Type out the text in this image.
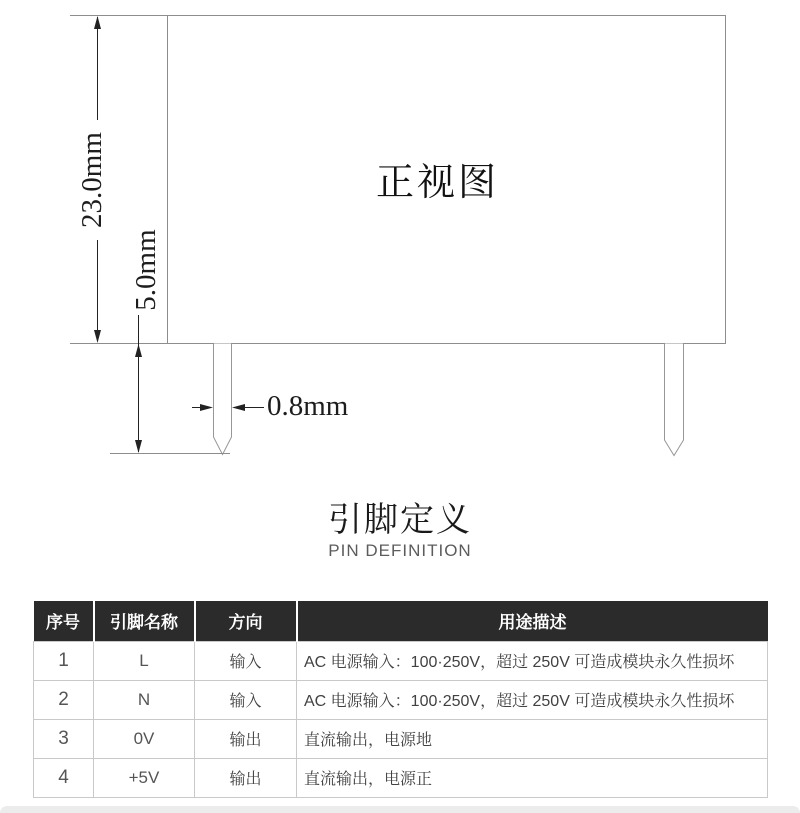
23.0mm
5.0mm
0.8mm
正视图
引脚定义
PIN DEFINITION
序号	引脚名称	方向	用途描述
1	L	输入	AC 电源输入：100·250V，超过 250V 可造成模块永久性损坏
2	N	输入	AC 电源输入：100·250V，超过 250V 可造成模块永久性损坏
3	0V	输出	直流输出，电源地
4	+5V	输出	直流输出，电源正
